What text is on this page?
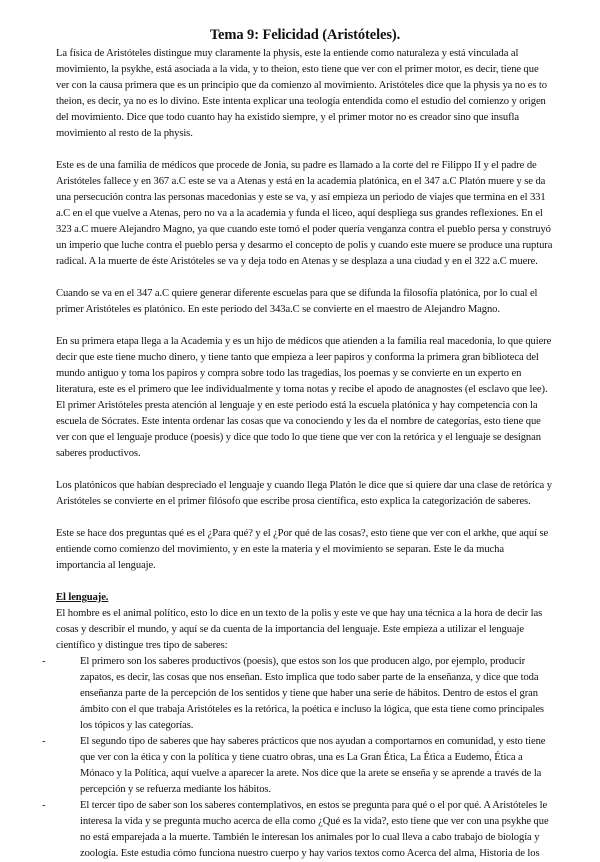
Tema 9: Felicidad (Aristóteles).

La física de Aristóteles distingue muy claramente la physis, este la entiende como naturaleza y está vinculada al movimiento, la psykhe, está asociada a la vida, y to theion, esto tiene que ver con el primer motor, es decir, tiene que ver con la causa primera que es un principio que da comienzo al movimiento. Aristóteles dice que la physis ya no es to theion, es decir, ya no es lo divino. Este intenta explicar una teología entendida como el estudio del comienzo y origen del movimiento. Dice que todo cuanto hay ha existido siempre, y el primer motor no es creador sino que insufla movimiento al resto de la physis.

Este es de una familia de médicos que procede de Jonia, su padre es llamado a la corte del re Filippo II y el padre de Aristóteles fallece y en 367 a.C este se va a Atenas y está en la academia platónica, en el 347 a.C Platón muere y se da una persecución contra las personas macedonias y este se va, y así empieza un periodo de viajes que termina en el 331 a.C en el que vuelve a Atenas, pero no va a la academia y funda el liceo, aquí despliega sus grandes reflexiones. En el 323 a.C muere Alejandro Magno, ya que cuando este tomó el poder quería venganza contra el pueblo persa y construyó un imperio que luche contra el pueblo persa y desarmo el concepto de polis y cuando este muere se produce una ruptura radical. A la muerte de éste Aristóteles se va y deja todo en Atenas y se desplaza a una ciudad y en el 322 a.C muere.

Cuando se va en el 347 a.C quiere generar diferente escuelas para que se difunda la filosofía platónica, por lo cual el primer Aristóteles es platónico. En este periodo del 343a.C se convierte en el maestro de Alejandro Magno.

En su primera etapa llega a la Academia y es un hijo de médicos que atienden a la familia real macedonia, lo que quiere decir que este tiene mucho dinero, y tiene tanto que empieza a leer papiros y conforma la primera gran biblioteca del mundo antiguo y toma los papiros y compra sobre todo las tragedias, los poemas y se convierte en un experto en literatura, este es el primero que lee individualmente y toma notas y recibe el apodo de anagnostes (el esclavo que lee). El primer Aristóteles presta atención al lenguaje y en este periodo está la escuela platónica y hay competencia con la escuela de Sócrates. Este intenta ordenar las cosas que va conociendo y les da el nombre de categorías, esto tiene que ver con que el lenguaje produce (poesis) y dice que todo lo que tiene que ver con la retórica y el lenguaje se designan saberes productivos.

Los platónicos que habían despreciado el lenguaje y cuando llega Platón le dice que si quiere dar una clase de retórica y Aristóteles se convierte en el primer filósofo que escribe prosa científica, esto explica la categorización de saberes.

Este se hace dos preguntas qué es el ¿Para qué? y el ¿Por qué de las cosas?, esto tiene que ver con el arkhe, que aquí se entiende como comienzo del movimiento, y en este la materia y el movimiento se separan. Este le da mucha importancia al lenguaje.

El lenguaje.

El hombre es el animal político, esto lo dice en un texto de la polis y este ve que hay una técnica a la hora de decir las cosas y describir el mundo, y aquí se da cuenta de la importancia del lenguaje. Este empieza a utilizar el lenguaje científico y distingue tres tipo de saberes:

-	El primero son los saberes productivos (poesis), que estos son los que producen algo, por ejemplo, producir zapatos, es decir, las cosas que nos enseñan. Esto implica que todo saber parte de la enseñanza, y dice que toda enseñanza parte de la percepción de los sentidos y tiene que haber una serie de hábitos. Dentro de estos el gran ámbito con el que trabaja Aristóteles es la retórica, la poética e incluso la lógica, que esta tiene como principales los tópicos y las categorías.
-	El segundo tipo de saberes que hay saberes prácticos que nos ayudan a comportarnos en comunidad, y esto tiene que ver con la ética y con la política y tiene cuatro obras, una es La Gran Ética, La Ética a Eudemo, Ética a Mónaco y la Política, aquí vuelve a aparecer la arete. Nos dice que la arete se enseña y se aprende a través de la percepción y se refuerza mediante los hábitos.
-	El tercer tipo de saber son los saberes contemplativos, en estos se pregunta para qué o el por qué. A Aristóteles le interesa la vida y se pregunta mucho acerca de ella como ¿Qué es la vida?, esto tiene que ver con una psykhe que no está emparejada a la muerte. También le interesan los animales por lo cual lleva a cabo trabajo de biología y zoología. Este estudia cómo funciona nuestro cuerpo y hay varios textos como Acerca del alma, Historia de los
